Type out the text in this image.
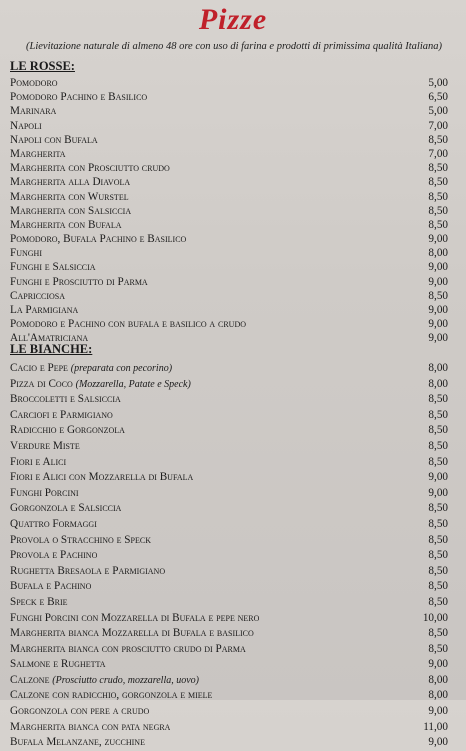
Pizze
(Lievitazione naturale di almeno 48 ore con uso di farina e prodotti di primissima qualità Italiana)
LE ROSSE:
Pomodoro	5,00
Pomodoro Pachino e Basilico	6,50
Marinara	5,00
Napoli	7,00
Napoli con Bufala	8,50
Margherita	7,00
Margherita con Prosciutto crudo	8,50
Margherita alla Diavola	8,50
Margherita con Wurstel	8,50
Margherita con Salsiccia	8,50
Margherita con Bufala	8,50
Pomodoro, Bufala Pachino e Basilico	9,00
Funghi	8,00
Funghi e Salsiccia	9,00
Funghi e Prosciutto di Parma	9,00
Capricciosa	8,50
La Parmigiana	9,00
Pomodoro e Pachino con bufala e basilico a crudo	9,00
All'Amatriciana	9,00
LE BIANCHE:
Cacio e Pepe (preparata con pecorino)	8,00
Pizza di Coco (Mozzarella, Patate e Speck)	8,00
Broccoletti e Salsiccia	8,50
Carciofi e Parmigiano	8,50
Radicchio e Gorgonzola	8,50
Verdure Miste	8,50
Fiori e Alici	8,50
Fiori e Alici con Mozzarella di Bufala	9,00
Funghi Porcini	9,00
Gorgonzola e Salsiccia	8,50
Quattro Formaggi	8,50
Provola o Stracchino e Speck	8,50
Provola e Pachino	8,50
Rughetta Bresaola e Parmigiano	8,50
Bufala e Pachino	8,50
Speck e Brie	8,50
Funghi Porcini con Mozzarella di Bufala e pepe nero	10,00
Margherita bianca Mozzarella di Bufala e basilico	8,50
Margherita bianca con prosciutto crudo di Parma	8,50
Salmone e Rughetta	9,00
Calzone (Prosciutto crudo, mozzarella, uovo)	8,00
Calzone con radicchio, gorgonzola e miele	8,00
Gorgonzola con pere a crudo	9,00
Margherita bianca con pata negra	11,00
Bufala Melanzane, zucchine	9,00
